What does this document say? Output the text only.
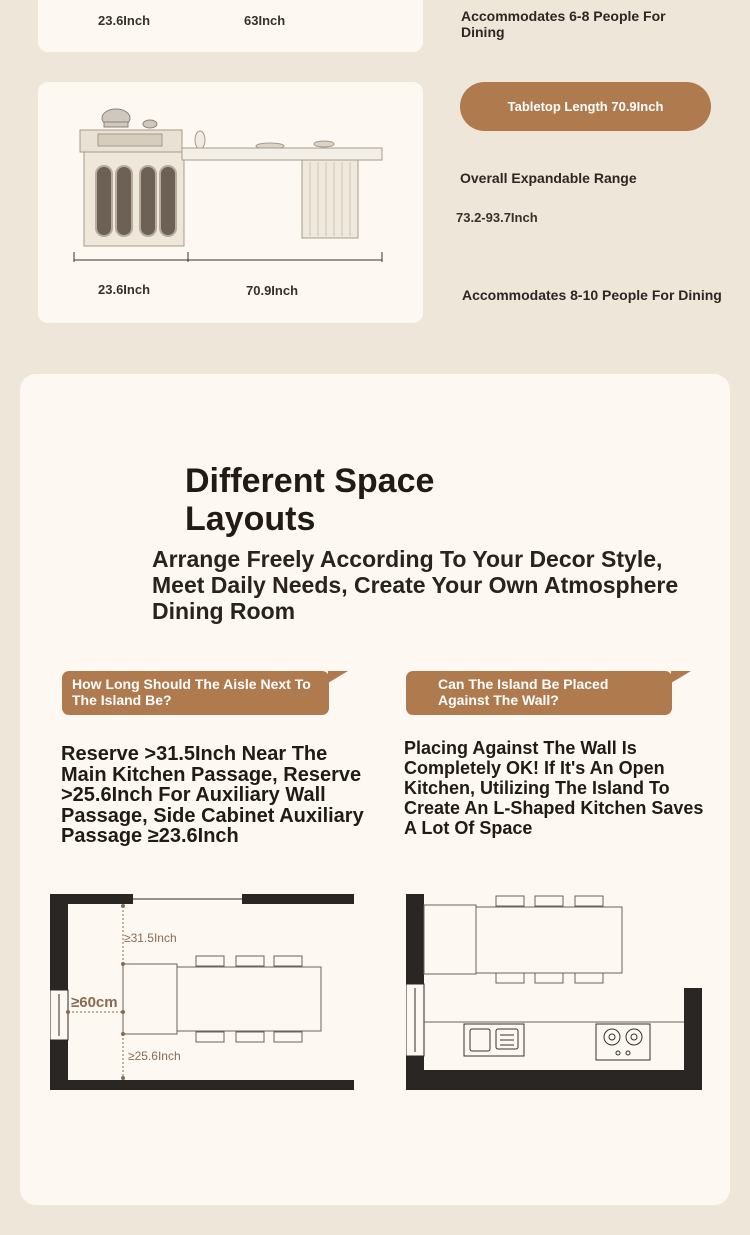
23.6Inch	63Inch	Accommodates 6-8 People For Dining
23.6Inch	70.9Inch
Tabletop Length 70.9Inch
Overall Expandable Range
73.2-93.7Inch
Accommodates 8-10 People For Dining
Different Space Layouts
Arrange Freely According To Your Decor Style, Meet Daily Needs, Create Your Own Atmosphere Dining Room
How Long Should The Aisle Next To The Island Be?
Reserve >31.5Inch Near The Main Kitchen Passage, Reserve >25.6Inch For Auxiliary Wall Passage, Side Cabinet Auxiliary Passage ≥23.6Inch
Can The Island Be Placed Against The Wall?
Placing Against The Wall Is Completely OK! If It's An Open Kitchen, Utilizing The Island To Create An L-Shaped Kitchen Saves A Lot Of Space
≥31.5Inch
≥60cm
≥25.6Inch
